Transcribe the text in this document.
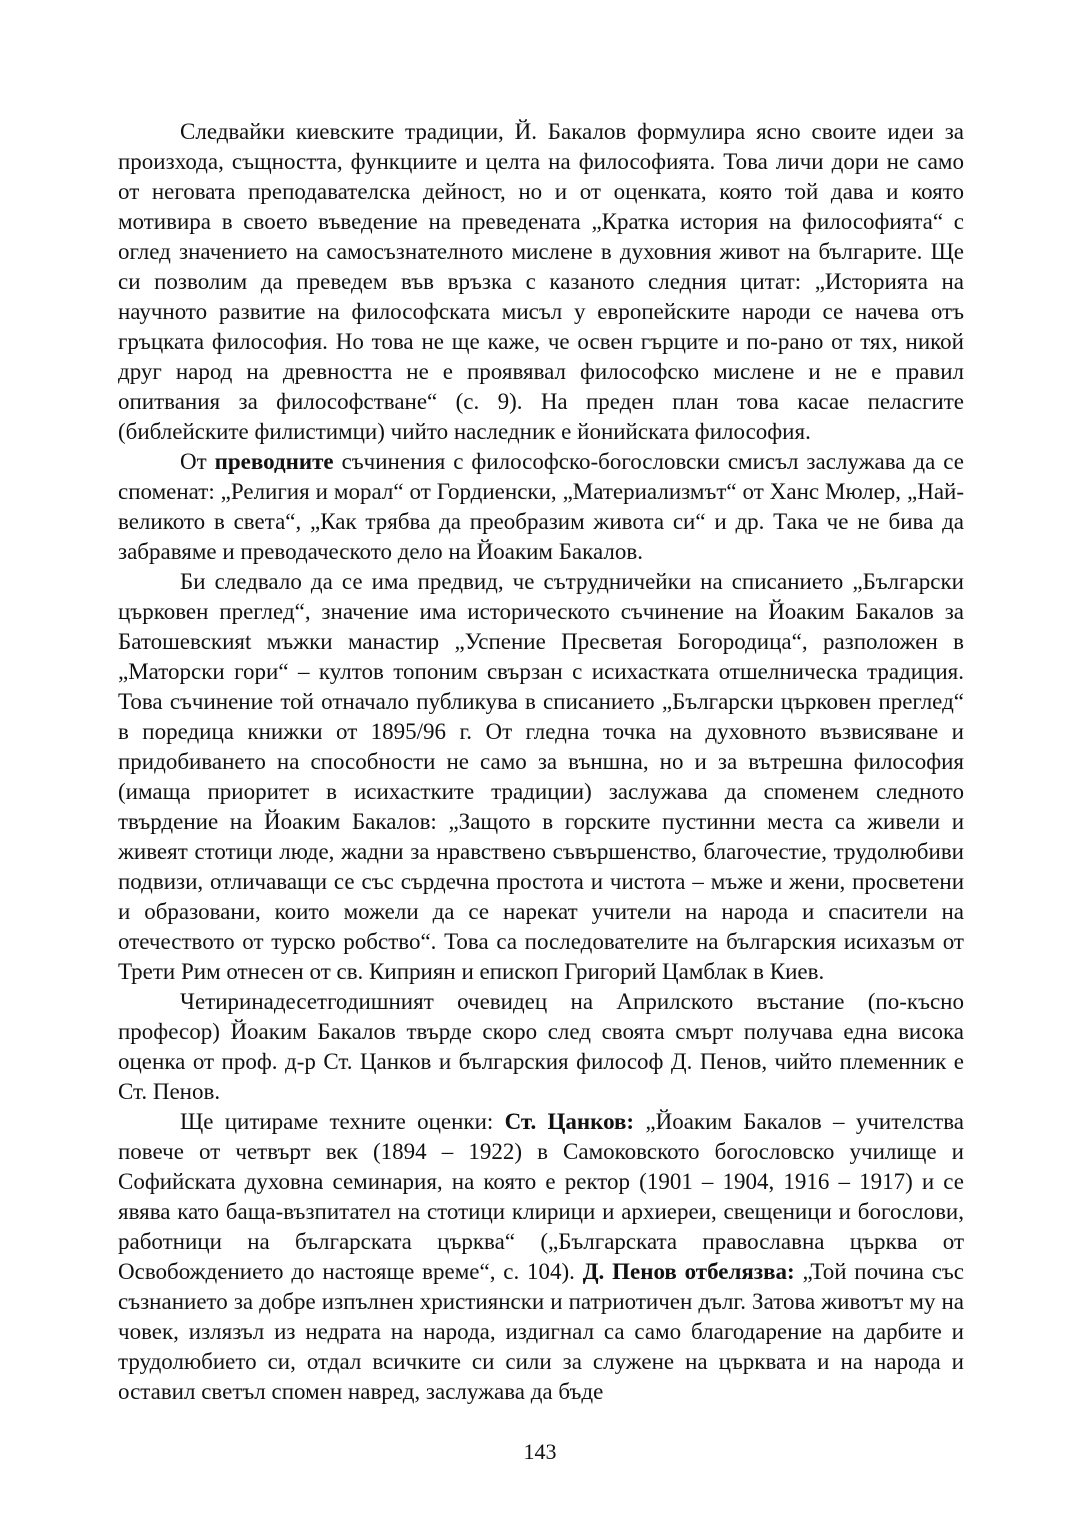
Следвайки киевските традиции, Й. Бакалов формулира ясно своите идеи за произхода, същността, функциите и целта на философията. Това личи дори не само от неговата преподавателска дейност, но и от оценката, която той дава и която мотивира в своето въведение на преведената „Кратка история на философията“ с оглед значението на самосъзнателното мислене в духовния живот на българите. Ще си позволим да преведем във връзка с казаното следния цитат: „Историята на научното развитие на философската мисъл у европейските народи се начева отъ гръцката философия. Но това не ще каже, че освен гърците и по-рано от тях, никой друг народ на древността не е проявявал философско мислене и не е правил опитвания за философстване“ (с. 9). На преден план това касае пеласгите (библейските филистимци) чийто наследник е йонийската философия.

От преводните съчинения с философско-богословски смисъл заслужава да се споменат: „Религия и морал“ от Гордиенски, „Материализмът“ от Ханс Мюлер, „Най-великото в света“, „Как трябва да преобразим живота си“ и др. Така че не бива да забравяме и преводаческото дело на Йоаким Бакалов.

Би следвало да се има предвид, че сътрудничейки на списанието „Български църковен преглед“, значение има историческото съчинение на Йоаким Бакалов за Батошевскияt мъжки манастир „Успение Пресветая Богородица“, разположен в „Маторски гори“ – култов топоним свързан с исихастката отшелническа традиция. Това съчинение той отначало публикува в списанието „Български църковен преглед“ в поредица книжки от 1895/96 г. От гледна точка на духовното възвисяване и придобиването на способности не само за външна, но и за вътрешна философия (имаща приоритет в исихастките традиции) заслужава да споменем следното твърдение на Йоаким Бакалов: „Защото в горските пустинни места са живели и живеят стотици люде, жадни за нравствено съвършенство, благочестие, трудолюбиви подвизи, отличаващи се със сърдечна простота и чистота – мъже и жени, просветени и образовани, които можели да се нарекат учители на народа и спасители на отечеството от турско робство“. Това са последователите на българския исихазъм от Трети Рим отнесен от св. Киприян и епископ Григорий Цамблак в Киев.

Четиринадесетгодишният очевидец на Априлското въстание (по-късно професор) Йоаким Бакалов твърде скоро след своята смърт получава една висока оценка от проф. д-р Ст. Цанков и българския философ Д. Пенов, чийто племенник е Ст. Пенов.

Ще цитираме техните оценки: Ст. Цанков: „Йоаким Бакалов – учителства повече от четвърт век (1894 – 1922) в Самоковското богословско училище и Софийската духовна семинария, на която е ректор (1901 – 1904, 1916 – 1917) и се явява като баща-възпитател на стотици клирици и архиереи, свещеници и богослови, работници на българската църква“ („Българската православна църква от Освобождението до настояще време“, с. 104). Д. Пенов отбелязва: „Той почина със съзнанието за добре изпълнен християнски и патриотичен дълг. Затова животът му на човек, излязъл из недрата на народа, издигнал са само благодарение на дарбите и трудолюбието си, отдал всичките си сили за служене на църквата и на народа и оставил светъл спомен навред, заслужава да бъде

143
